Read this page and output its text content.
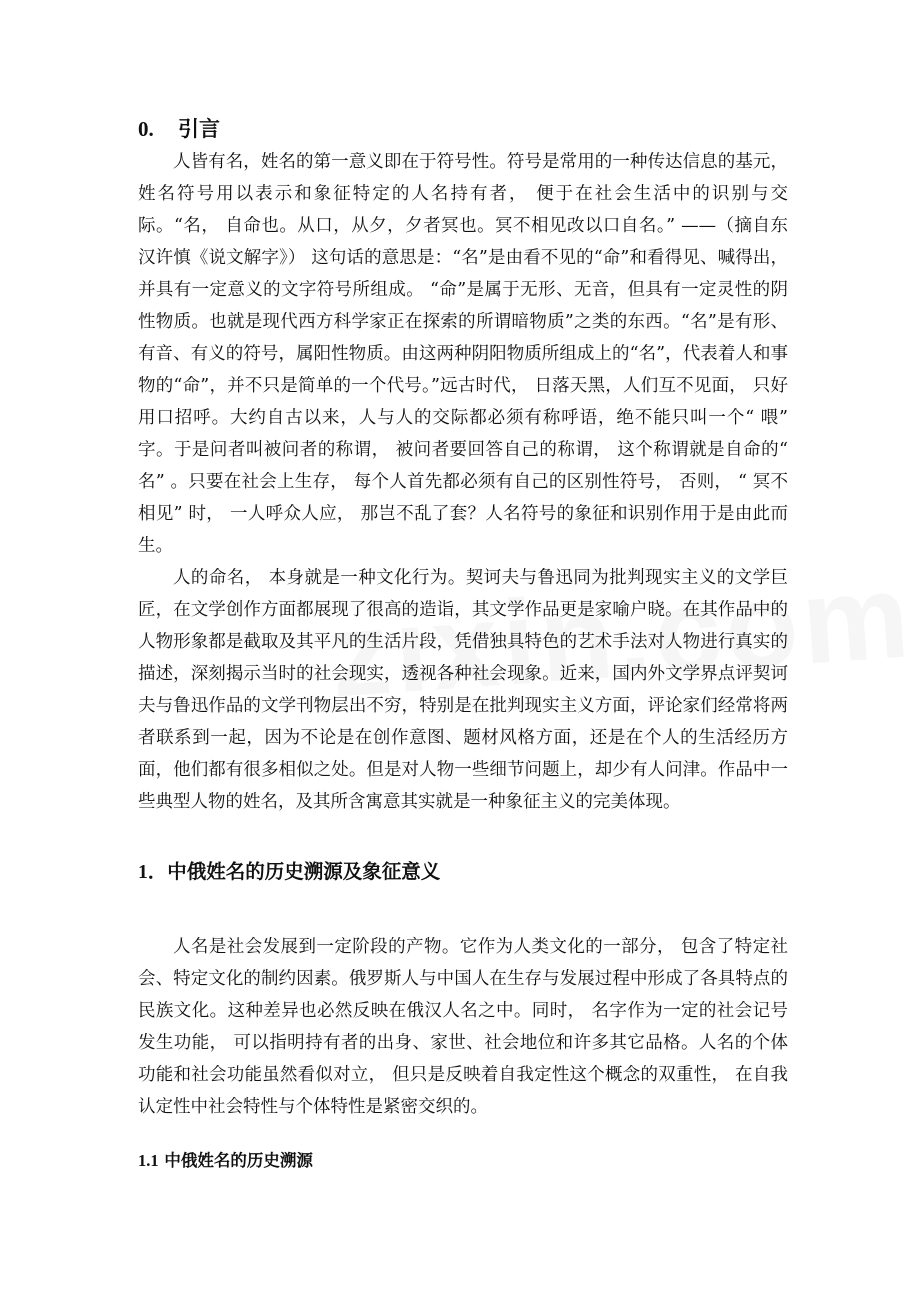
0. 引言

人皆有名，姓名的第一意义即在于符号性。符号是常用的一种传达信息的基元， 姓名符号用以表示和象征特定的人名持有者， 便于在社会生活中的识别与交际。“名， 自命也。从口，从夕，夕者冥也。冥不相见改以口自名。” ——（摘自东汉许慎《说文解字》） 这句话的意思是：“名”是由看不见的“命”和看得见、喊得出，并具有一定意义的文字符号所组成。 “命”是属于无形、无音，但具有一定灵性的阴性物质。也就是现代西方科学家正在探索的所谓暗物质”之类的东西。“名”是有形、有音、有义的符号，属阳性物质。由这两种阴阳物质所组成上的“名”，代表着人和事物的“命”，并不只是简单的一个代号。”远古时代， 日落天黑，人们互不见面， 只好用口招呼。大约自古以来，人与人的交际都必须有称呼语，绝不能只叫一个“ 喂” 字。于是问者叫被问者的称谓， 被问者要回答自己的称谓， 这个称谓就是自命的“ 名” 。只要在社会上生存， 每个人首先都必须有自己的区别性符号， 否则， “ 冥不相见” 时， 一人呼众人应， 那岂不乱了套？人名符号的象征和识别作用于是由此而生。

人的命名， 本身就是一种文化行为。契诃夫与鲁迅同为批判现实主义的文学巨匠，在文学创作方面都展现了很高的造诣，其文学作品更是家喻户晓。在其作品中的人物形象都是截取及其平凡的生活片段，凭借独具特色的艺术手法对人物进行真实的描述，深刻揭示当时的社会现实，透视各种社会现象。近来，国内外文学界点评契诃夫与鲁迅作品的文学刊物层出不穷，特别是在批判现实主义方面，评论家们经常将两者联系到一起，因为不论是在创作意图、题材风格方面，还是在个人的生活经历方面，他们都有很多相似之处。但是对人物一些细节问题上，却少有人问津。作品中一些典型人物的姓名，及其所含寓意其实就是一种象征主义的完美体现。

1．中俄姓名的历史溯源及象征意义

人名是社会发展到一定阶段的产物。它作为人类文化的一部分， 包含了特定社会、特定文化的制约因素。俄罗斯人与中国人在生存与发展过程中形成了各具特点的民族文化。这种差异也必然反映在俄汉人名之中。同时， 名字作为一定的社会记号发生功能， 可以指明持有者的出身、家世、社会地位和许多其它品格。人名的个体功能和社会功能虽然看似对立， 但只是反映着自我定性这个概念的双重性， 在自我认定性中社会特性与个体特性是紧密交织的。

1.1 中俄姓名的历史溯源
